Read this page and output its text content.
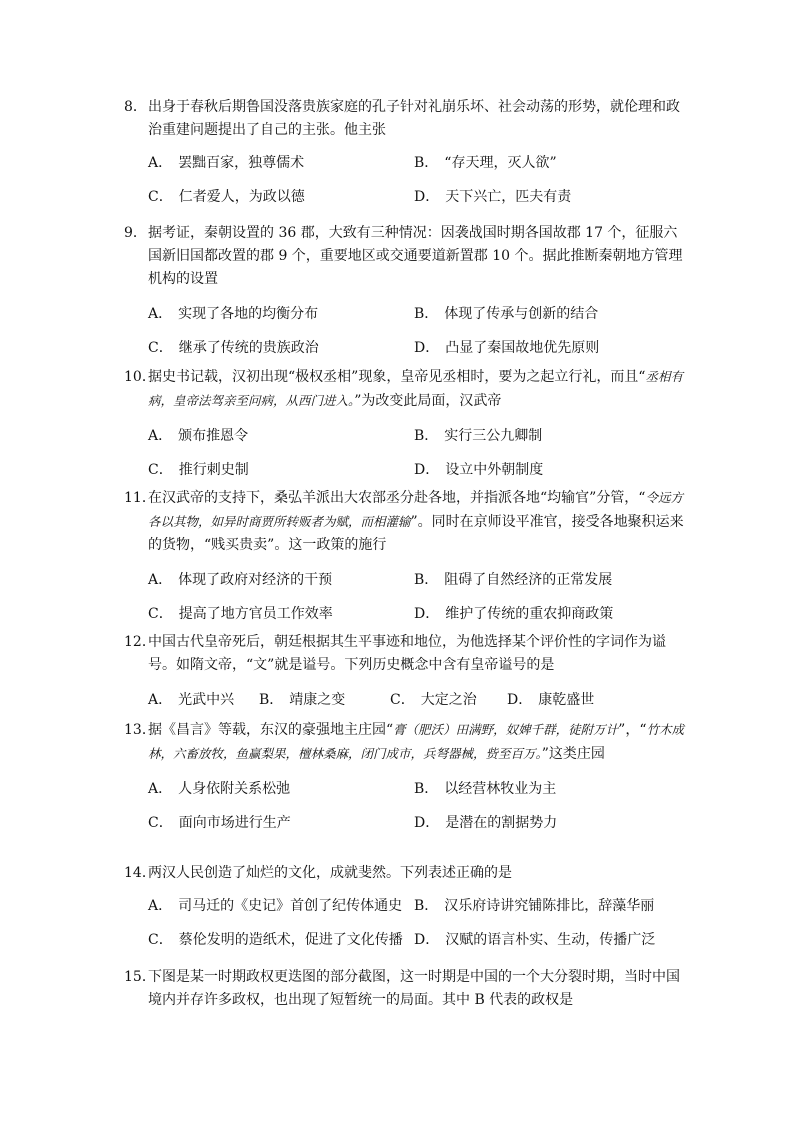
8．出身于春秋后期鲁国没落贵族家庭的孔子针对礼崩乐坏、社会动荡的形势，就伦理和政治重建问题提出了自己的主张。他主张

A． 罢黜百家，独尊儒术	B． “存天理，灭人欲”
C． 仁者爱人，为政以德	D． 天下兴亡，匹夫有责

9．据考证，秦朝设置的 36 郡，大致有三种情况：因袭战国时期各国故郡 17 个，征服六国新旧国都改置的郡 9 个，重要地区或交通要道新置郡 10 个。据此推断秦朝地方管理机构的设置

A． 实现了各地的均衡分布	B． 体现了传承与创新的结合
C． 继承了传统的贵族政治	D． 凸显了秦国故地优先原则

10．据史书记载，汉初出现“极权丞相”现象，皇帝见丞相时，要为之起立行礼，而且“丞相有病，皇帝法驾亲至问病，从西门进入。”为改变此局面，汉武帝

A． 颁布推恩令	B． 实行三公九卿制
C． 推行刺史制	D． 设立中外朝制度

11．在汉武帝的支持下，桑弘羊派出大农部丞分赴各地，并指派各地“均输官”分管，“令远方各以其物，如异时商贾所转贩者为赋，而相灌输”。同时在京师设平准官，接受各地聚积运来的货物，“贱买贵卖”。这一政策的施行

A． 体现了政府对经济的干预	B． 阻碍了自然经济的正常发展
C． 提高了地方官员工作效率	D． 维护了传统的重农抑商政策

12．中国古代皇帝死后，朝廷根据其生平事迹和地位，为他选择某个评价性的字词作为谥号。如隋文帝，“文”就是谥号。下列历史概念中含有皇帝谥号的是

A． 光武中兴 B． 靖康之变	C． 大定之治 D． 康乾盛世

13．据《昌言》等载，东汉的豪强地主庄园“膏（肥沃）田满野，奴婢千群，徒附万计”，“竹木成林，六畜放牧，鱼赢梨果，檀林桑麻，闭门成市，兵弩器械，赀至百万。”这类庄园

A． 人身依附关系松弛	B． 以经营林牧业为主
C． 面向市场进行生产	D． 是潜在的割据势力

14．两汉人民创造了灿烂的文化，成就斐然。下列表述正确的是

A． 司马迁的《史记》首创了纪传体通史 B． 汉乐府诗讲究铺陈排比，辞藻华丽
C． 蔡伦发明的造纸术，促进了文化传播 D． 汉赋的语言朴实、生动，传播广泛

15．下图是某一时期政权更迭图的部分截图，这一时期是中国的一个大分裂时期，当时中国境内并存许多政权，也出现了短暂统一的局面。其中 B 代表的政权是
